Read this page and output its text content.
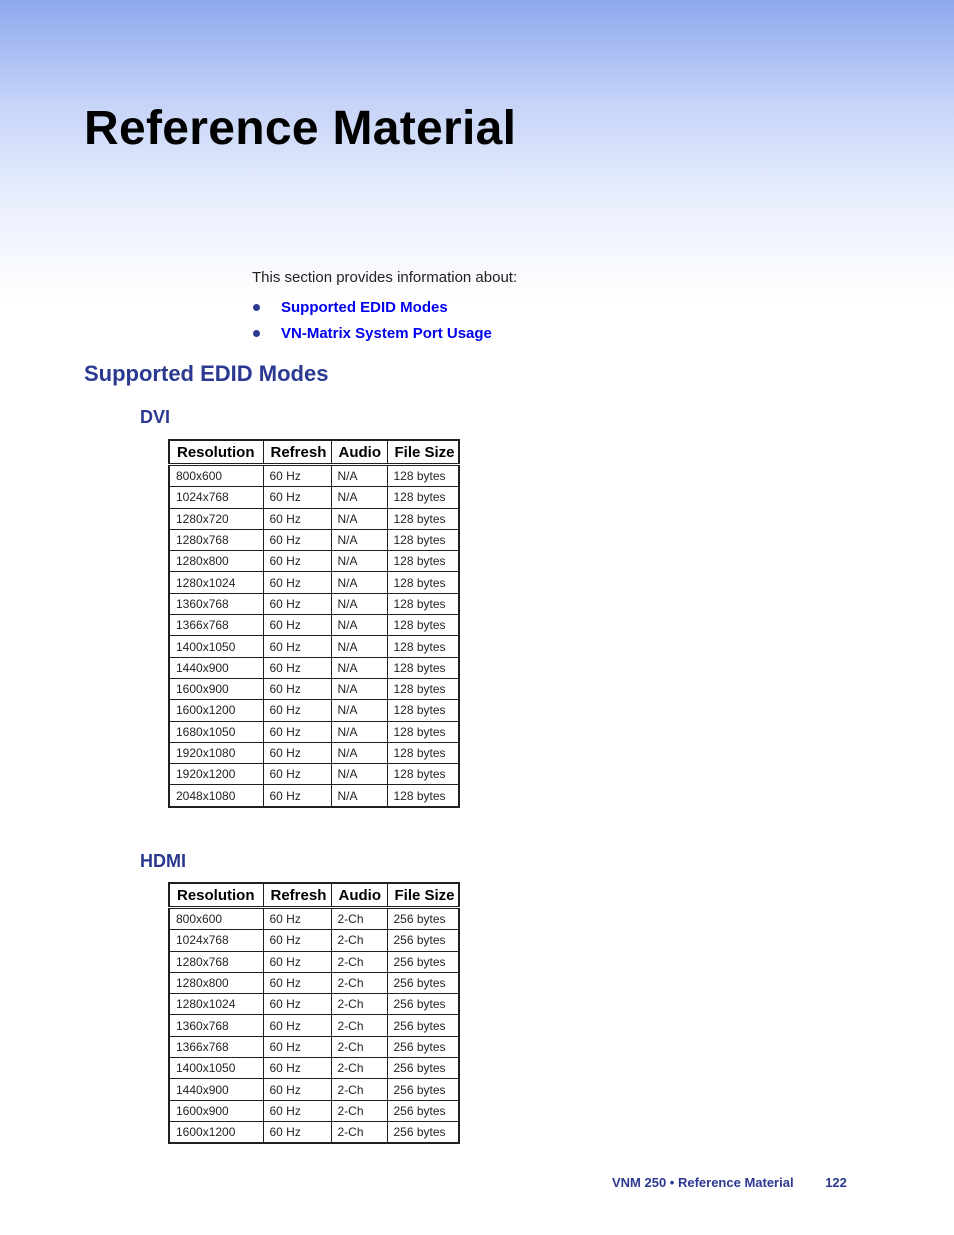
Reference Material

This section provides information about:

Supported EDID Modes
VN-Matrix System Port Usage
Supported EDID Modes
DVI
Resolution	Refresh	Audio	File Size
800x600	60 Hz	N/A	128 bytes
1024x768	60 Hz	N/A	128 bytes
1280x720	60 Hz	N/A	128 bytes
1280x768	60 Hz	N/A	128 bytes
1280x800	60 Hz	N/A	128 bytes
1280x1024	60 Hz	N/A	128 bytes
1360x768	60 Hz	N/A	128 bytes
1366x768	60 Hz	N/A	128 bytes
1400x1050	60 Hz	N/A	128 bytes
1440x900	60 Hz	N/A	128 bytes
1600x900	60 Hz	N/A	128 bytes
1600x1200	60 Hz	N/A	128 bytes
1680x1050	60 Hz	N/A	128 bytes
1920x1080	60 Hz	N/A	128 bytes
1920x1200	60 Hz	N/A	128 bytes
2048x1080	60 Hz	N/A	128 bytes
HDMI
Resolution	Refresh	Audio	File Size
800x600	60 Hz	2-Ch	256 bytes
1024x768	60 Hz	2-Ch	256 bytes
1280x768	60 Hz	2-Ch	256 bytes
1280x800	60 Hz	2-Ch	256 bytes
1280x1024	60 Hz	2-Ch	256 bytes
1360x768	60 Hz	2-Ch	256 bytes
1366x768	60 Hz	2-Ch	256 bytes
1400x1050	60 Hz	2-Ch	256 bytes
1440x900	60 Hz	2-Ch	256 bytes
1600x900	60 Hz	2-Ch	256 bytes
1600x1200	60 Hz	2-Ch	256 bytes
VNM 250 • Reference Material 122
